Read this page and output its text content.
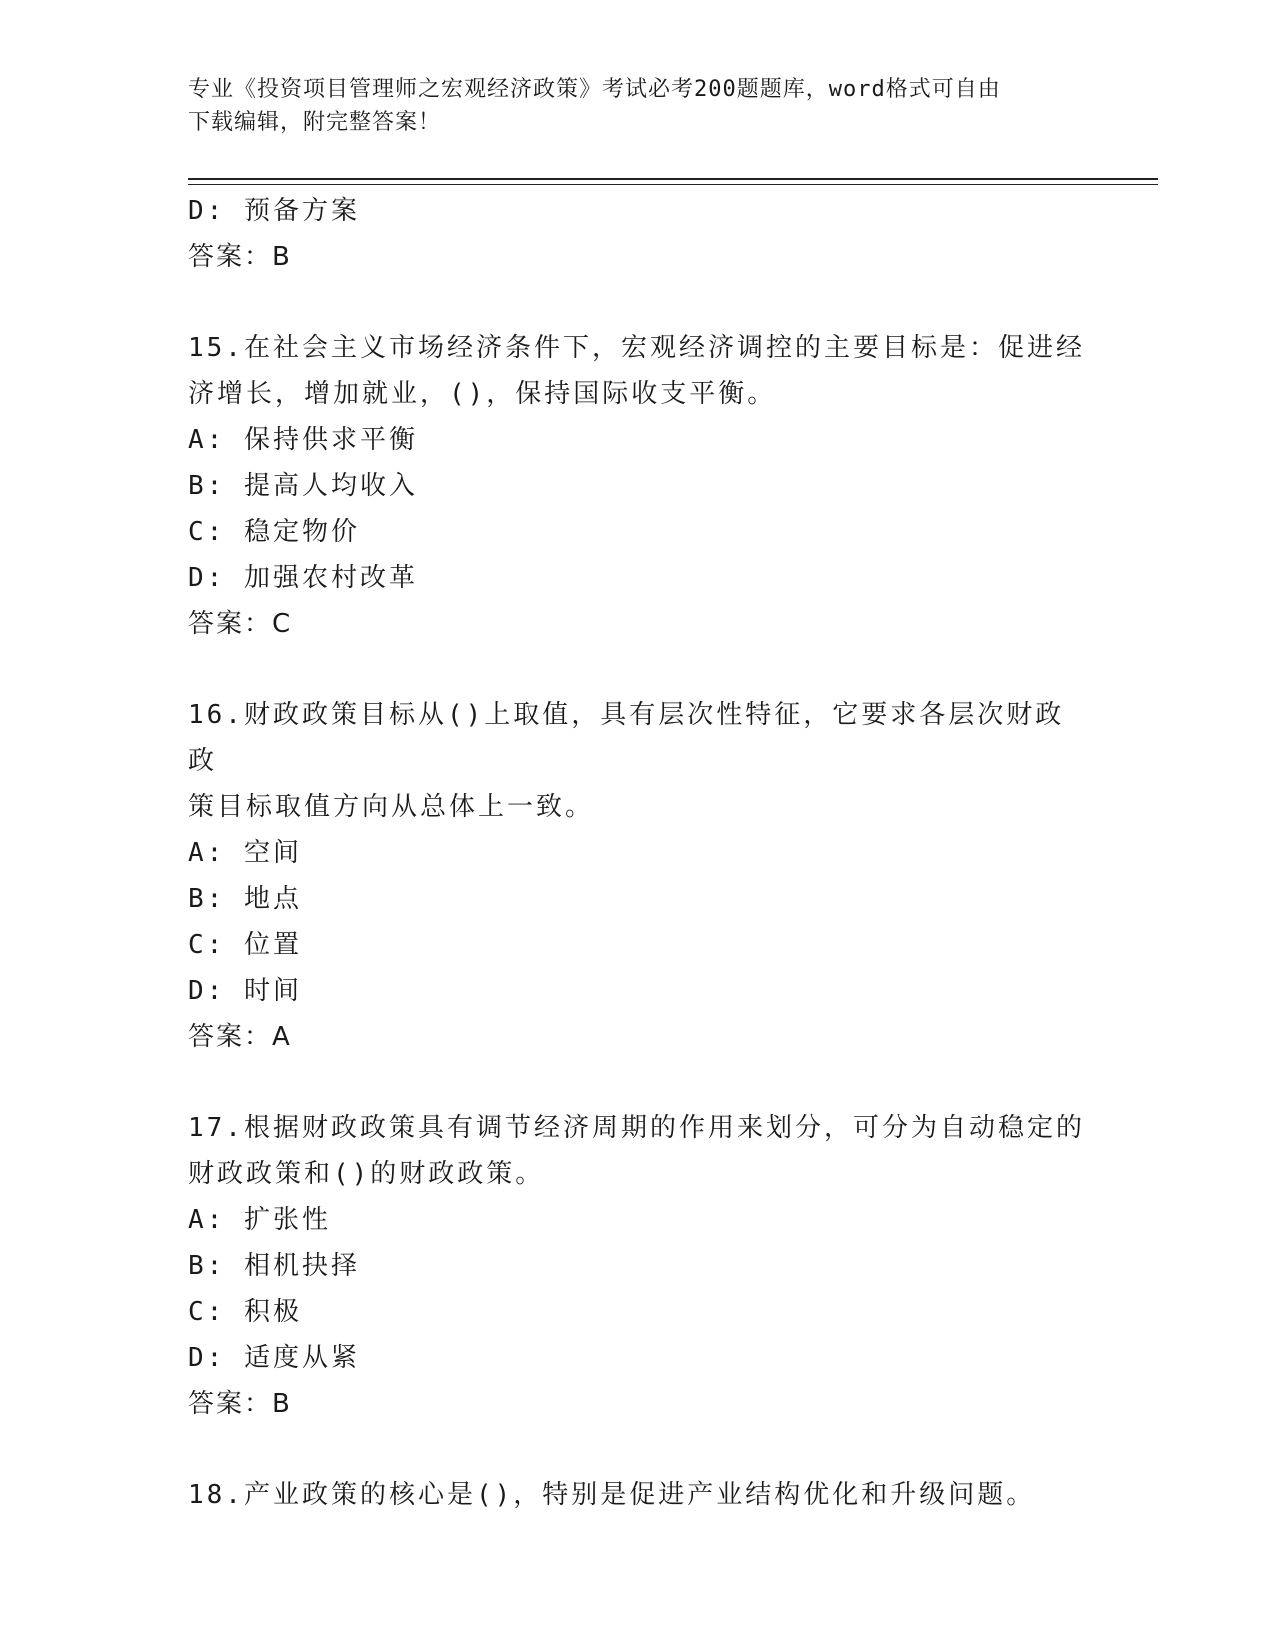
专业《投资项目管理师之宏观经济政策》考试必考200题题库，word格式可自由
下载编辑，附完整答案！
D: 预备方案
答案：B
15.在社会主义市场经济条件下，宏观经济调控的主要目标是：促进经
济增长，增加就业，()，保持国际收支平衡。
A: 保持供求平衡
B: 提高人均收入
C: 稳定物价
D: 加强农村改革
答案：C
16.财政政策目标从()上取值，具有层次性特征，它要求各层次财政政
策目标取值方向从总体上一致。
A: 空间
B: 地点
C: 位置
D: 时间
答案：A
17.根据财政政策具有调节经济周期的作用来划分，可分为自动稳定的
财政政策和()的财政政策。
A: 扩张性
B: 相机抉择
C: 积极
D: 适度从紧
答案：B
18.产业政策的核心是()，特别是促进产业结构优化和升级问题。
